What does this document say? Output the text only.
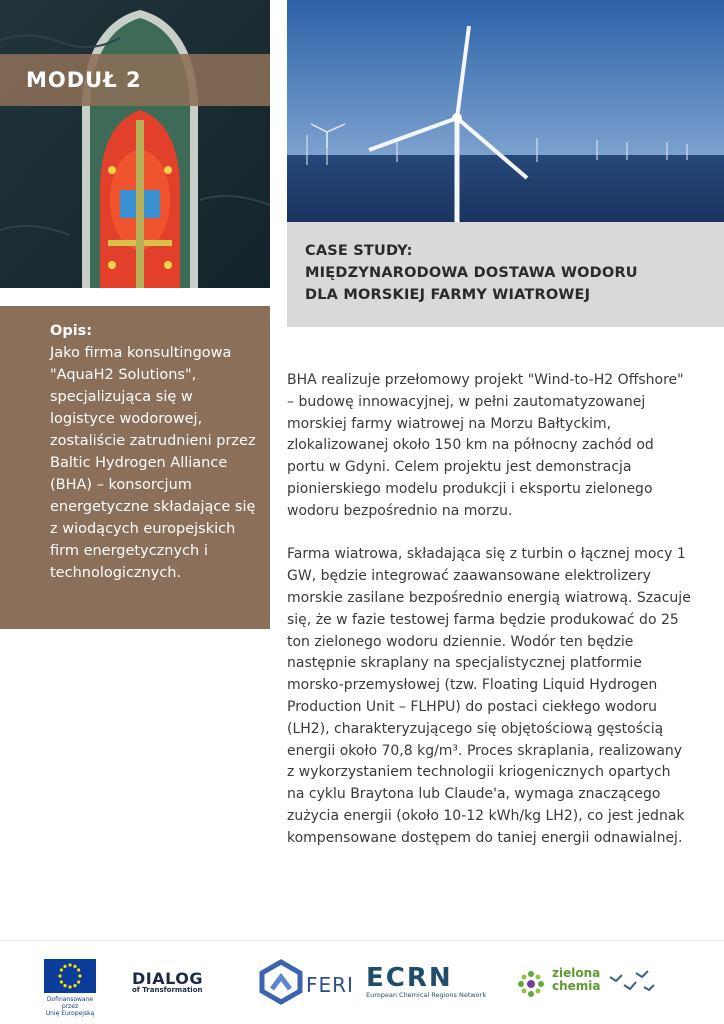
MODUŁ 2
CASE STUDY:
MIĘDZYNARODOWA DOSTAWA WODORU
DLA MORSKIEJ FARMY WIATROWEJ
Opis:
Jako firma konsultingowa "AquaH2 Solutions", specjalizująca się w logistyce wodorowej, zostaliście zatrudnieni przez Baltic Hydrogen Alliance (BHA) – konsorcjum energetyczne składające się z wiodących europejskich firm energetycznych i technologicznych.

BHA realizuje przełomowy projekt "Wind-to-H2 Offshore" – budowę innowacyjnej, w pełni zautomatyzowanej morskiej farmy wiatrowej na Morzu Bałtyckim, zlokalizowanej około 150 km na północny zachód od portu w Gdyni. Celem projektu jest demonstracja pionierskiego modelu produkcji i eksportu zielonego wodoru bezpośrednio na morzu.

Farma wiatrowa, składająca się z turbin o łącznej mocy 1 GW, będzie integrować zaawansowane elektrolizery morskie zasilane bezpośrednio energią wiatrową. Szacuje się, że w fazie testowej farma będzie produkować do 25 ton zielonego wodoru dziennie. Wodór ten będzie następnie skraplany na specjalistycznej platformie morsko-przemysłowej (tzw. Floating Liquid Hydrogen Production Unit – FLHPU) do postaci ciekłego wodoru (LH2), charakteryzującego się objętościową gęstością energii około 70,8 kg/m³. Proces skraplania, realizowany z wykorzystaniem technologii kriogenicznych opartych na cyklu Braytona lub Claude'a, wymaga znaczącego zużycia energii (około 10-12 kWh/kg LH2), co jest jednak kompensowane dostępem do taniej energii odnawialnej.

Dofinansowane przez
Unię Europejską
DIALOG
of Transformation	FERI ECRN
European Chemical Regions Network
zielona
chemia
